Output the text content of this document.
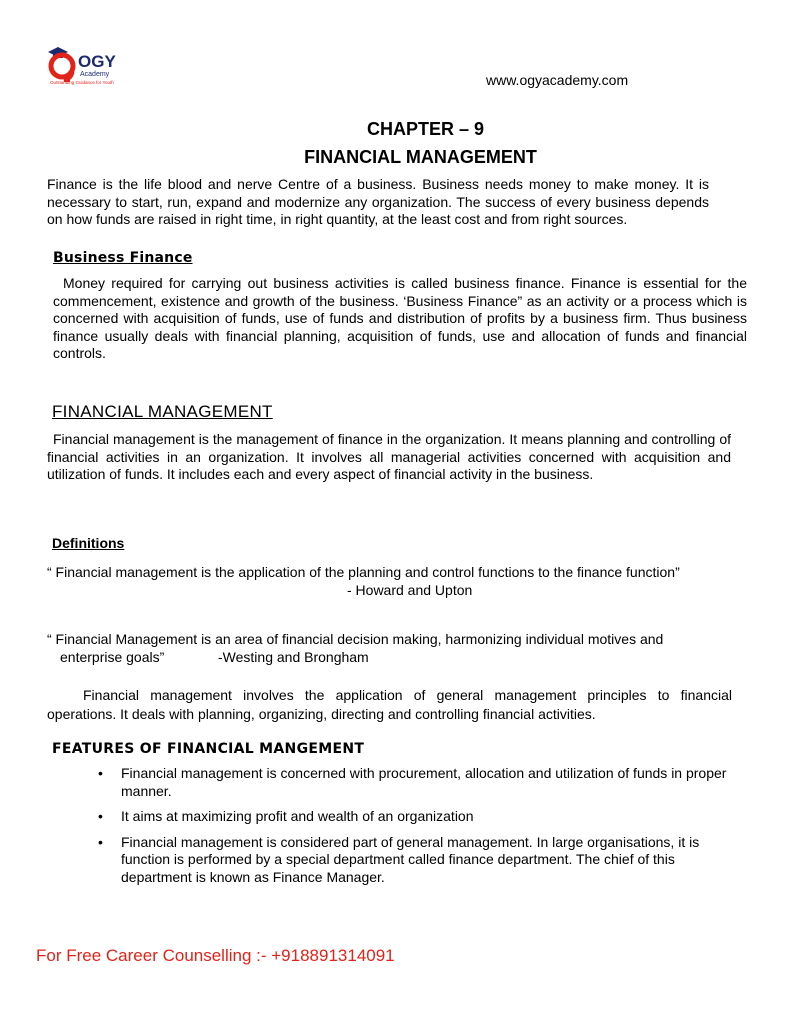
OGY
Academy
Outstanding Guidance for Youth	www.ogyacademy.com
CHAPTER – 9
FINANCIAL MANAGEMENT
Finance is the life blood and nerve Centre of a business. Business needs money to make money. It is necessary to start, run, expand and modernize any organization. The success of every business depends on how funds are raised in right time, in right quantity, at the least cost and from right sources.
Business Finance
Money required for carrying out business activities is called business finance. Finance is essential for the commencement, existence and growth of the business. ‘Business Finance” as an activity or a process which is concerned with acquisition of funds, use of funds and distribution of profits by a business firm. Thus business finance usually deals with financial planning, acquisition of funds, use and allocation of funds and financial controls.
FINANCIAL MANAGEMENT
Financial management is the management of finance in the organization. It means planning and controlling of financial activities in an organization. It involves all managerial activities concerned with acquisition and utilization of funds. It includes each and every aspect of financial activity in the business.
Definitions
“ Financial management is the application of the planning and control functions to the finance function”
- Howard and Upton
“ Financial Management is an area of financial decision making, harmonizing individual motives and
enterprise goals”	-Westing and Brongham
Financial management involves the application of general management principles to financial operations. It deals with planning, organizing, directing and controlling financial activities.
FEATURES OF FINANCIAL MANGEMENT
• Financial management is concerned with procurement, allocation and utilization of funds in proper manner.
• It aims at maximizing profit and wealth of an organization
• Financial management is considered part of general management. In large organisations, it is function is performed by a special department called finance department. The chief of this department is known as Finance Manager.
For Free Career Counselling :- +918891314091
